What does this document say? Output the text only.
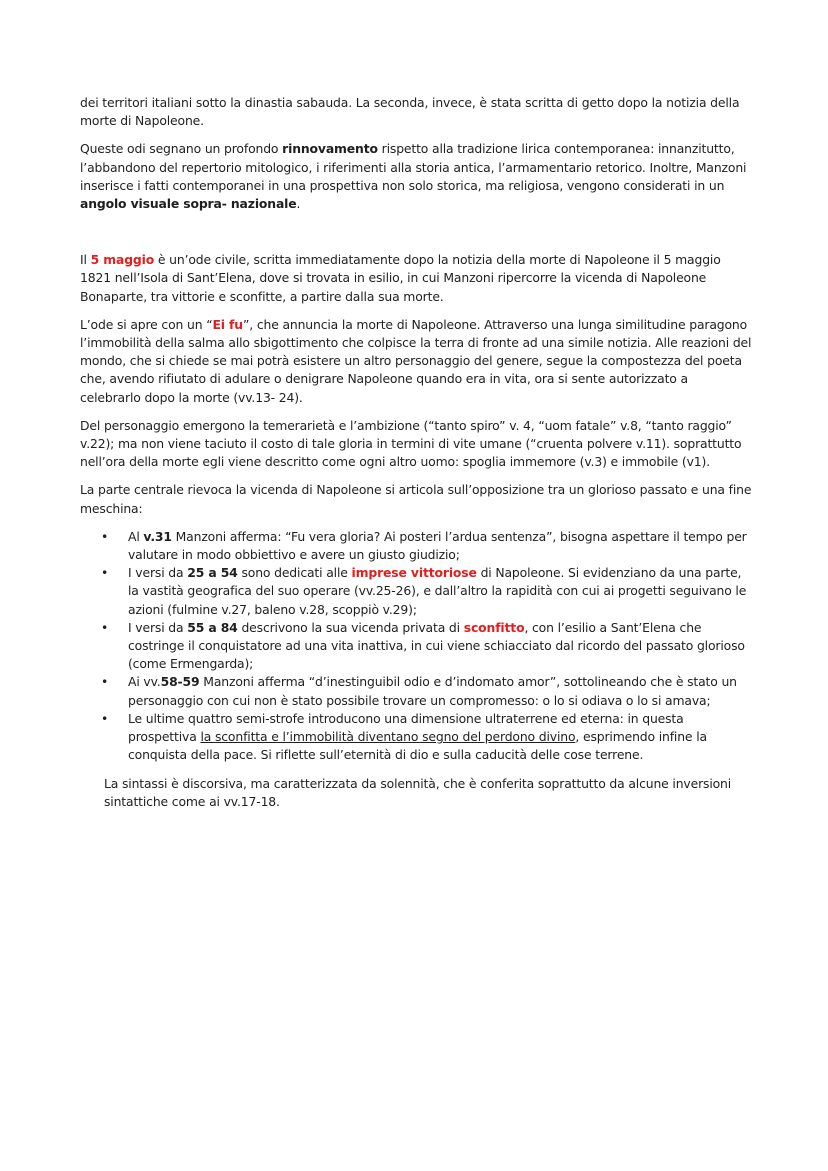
dei territori italiani sotto la dinastia sabauda. La seconda, invece, è stata scritta di getto dopo la notizia della morte di Napoleone.

Queste odi segnano un profondo rinnovamento rispetto alla tradizione lirica contemporanea: innanzitutto, l’abbandono del repertorio mitologico, i riferimenti alla storia antica, l’armamentario retorico. Inoltre, Manzoni inserisce i fatti contemporanei in una prospettiva non solo storica, ma religiosa, vengono considerati in un angolo visuale sopra- nazionale.

Il 5 maggio è un’ode civile, scritta immediatamente dopo la notizia della morte di Napoleone il 5 maggio 1821 nell’Isola di Sant’Elena, dove si trovata in esilio, in cui Manzoni ripercorre la vicenda di Napoleone Bonaparte, tra vittorie e sconfitte, a partire dalla sua morte.

L’ode si apre con un “Ei fu”, che annuncia la morte di Napoleone. Attraverso una lunga similitudine paragono l’immobilità della salma allo sbigottimento che colpisce la terra di fronte ad una simile notizia. Alle reazioni del mondo, che si chiede se mai potrà esistere un altro personaggio del genere, segue la compostezza del poeta che, avendo rifiutato di adulare o denigrare Napoleone quando era in vita, ora si sente autorizzato a celebrarlo dopo la morte (vv.13- 24).

Del personaggio emergono la temerarietà e l’ambizione (“tanto spiro” v. 4, “uom fatale” v.8, “tanto raggio” v.22); ma non viene taciuto il costo di tale gloria in termini di vite umane (“cruenta polvere v.11). soprattutto nell’ora della morte egli viene descritto come ogni altro uomo: spoglia immemore (v.3) e immobile (v1).

La parte centrale rievoca la vicenda di Napoleone si articola sull’opposizione tra un glorioso passato e una fine meschina:

• Al v.31 Manzoni afferma: “Fu vera gloria? Ai posteri l’ardua sentenza”, bisogna aspettare il tempo per valutare in modo obbiettivo e avere un giusto giudizio;
• I versi da 25 a 54 sono dedicati alle imprese vittoriose di Napoleone. Si evidenziano da una parte, la vastità geografica del suo operare (vv.25-26), e dall’altro la rapidità con cui ai progetti seguivano le azioni (fulmine v.27, baleno v.28, scoppiò v.29);
• I versi da 55 a 84 descrivono la sua vicenda privata di sconfitto, con l’esilio a Sant’Elena che costringe il conquistatore ad una vita inattiva, in cui viene schiacciato dal ricordo del passato glorioso (come Ermengarda);
• Ai vv.58-59 Manzoni afferma “d’inestinguibil odio e d’indomato amor”, sottolineando che è stato un personaggio con cui non è stato possibile trovare un compromesso: o lo si odiava o lo si amava;
• Le ultime quattro semi-strofe introducono una dimensione ultraterrene ed eterna: in questa prospettiva la sconfitta e l’immobilità diventano segno del perdono divino, esprimendo infine la conquista della pace. Si riflette sull’eternità di dio e sulla caducità delle cose terrene.

La sintassi è discorsiva, ma caratterizzata da solennità, che è conferita soprattutto da alcune inversioni sintattiche come ai vv.17-18.
